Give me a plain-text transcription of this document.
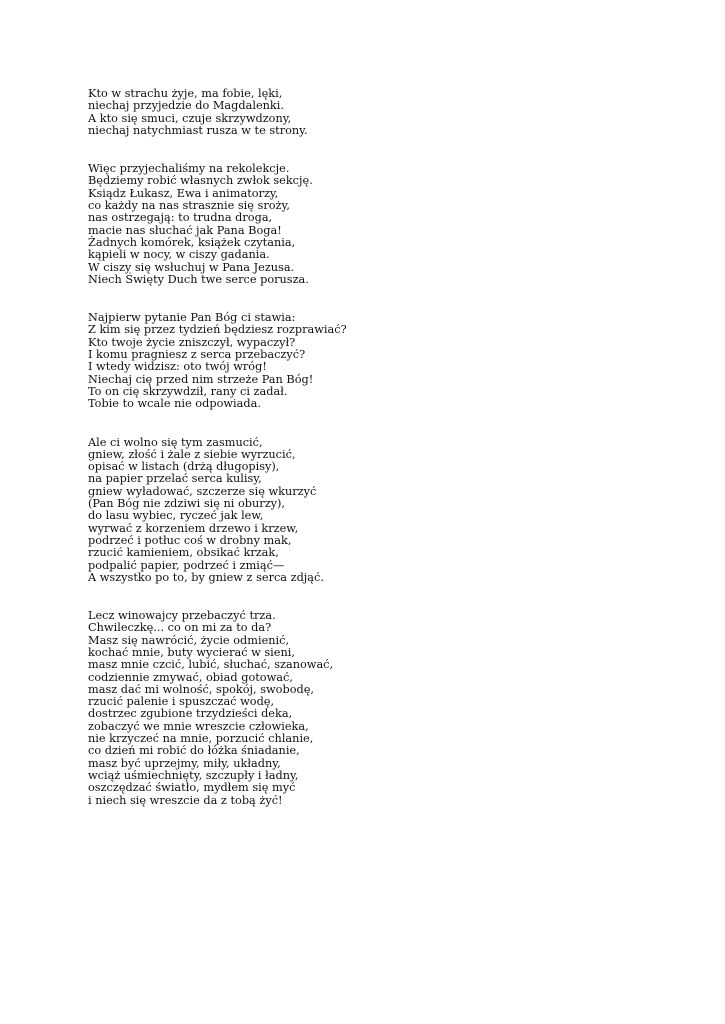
Kto w strachu żyje, ma fobie, lęki,
niechaj przyjedzie do Magdalenki.
A kto się smuci, czuje skrzywdzony,
niechaj natychmiast rusza w te strony.
Więc przyjechaliśmy na rekolekcje.
Będziemy robić własnych zwłok sekcję.
Ksiądz Łukasz, Ewa i animatorzy,
co każdy na nas strasznie się sroży,
nas ostrzegają: to trudna droga,
macie nas słuchać jak Pana Boga!
Żadnych komórek, książek czytania,
kąpieli w nocy, w ciszy gadania.
W ciszy się wsłuchuj w Pana Jezusa.
Niech Święty Duch twe serce porusza.
Najpierw pytanie Pan Bóg ci stawia:
Z kim się przez tydzień będziesz rozprawiać?
Kto twoje życie zniszczył, wypaczył?
I komu pragniesz z serca przebaczyć?
I wtedy widzisz: oto twój wróg!
Niechaj cię przed nim strzeże Pan Bóg!
To on cię skrzywdził, rany ci zadał.
Tobie to wcale nie odpowiada.
Ale ci wolno się tym zasmucić,
gniew, złość i żale z siebie wyrzucić,
opisać w listach (drżą długopisy),
na papier przelać serca kulisy,
gniew wyładować, szczerze się wkurzyć
(Pan Bóg nie zdziwi się ni oburzy),
do lasu wybiec, ryczeć jak lew,
wyrwać z korzeniem drzewo i krzew,
podrzeć i potłuc coś w drobny mak,
rzucić kamieniem, obsikać krzak,
podpalić papier, podrzeć i zmiąć—
A wszystko po to, by gniew z serca zdjąć.
Lecz winowajcy przebaczyć trza.
Chwileczkę... co on mi za to da?
Masz się nawrócić, życie odmienić,
kochać mnie, buty wycierać w sieni,
masz mnie czcić, lubić, słuchać, szanować,
codziennie zmywać, obiad gotować,
masz dać mi wolność, spokój, swobodę,
rzucić palenie i spuszczać wodę,
dostrzec zgubione trzydzieści deka,
zobaczyć we mnie wreszcie człowieka,
nie krzyczeć na mnie, porzucić chlanie,
co dzień mi robić do łóżka śniadanie,
masz być uprzejmy, miły, układny,
wciąż uśmiechnięty, szczupły i ładny,
oszczędzać światło, mydłem się myć
i niech się wreszcie da z tobą żyć!
